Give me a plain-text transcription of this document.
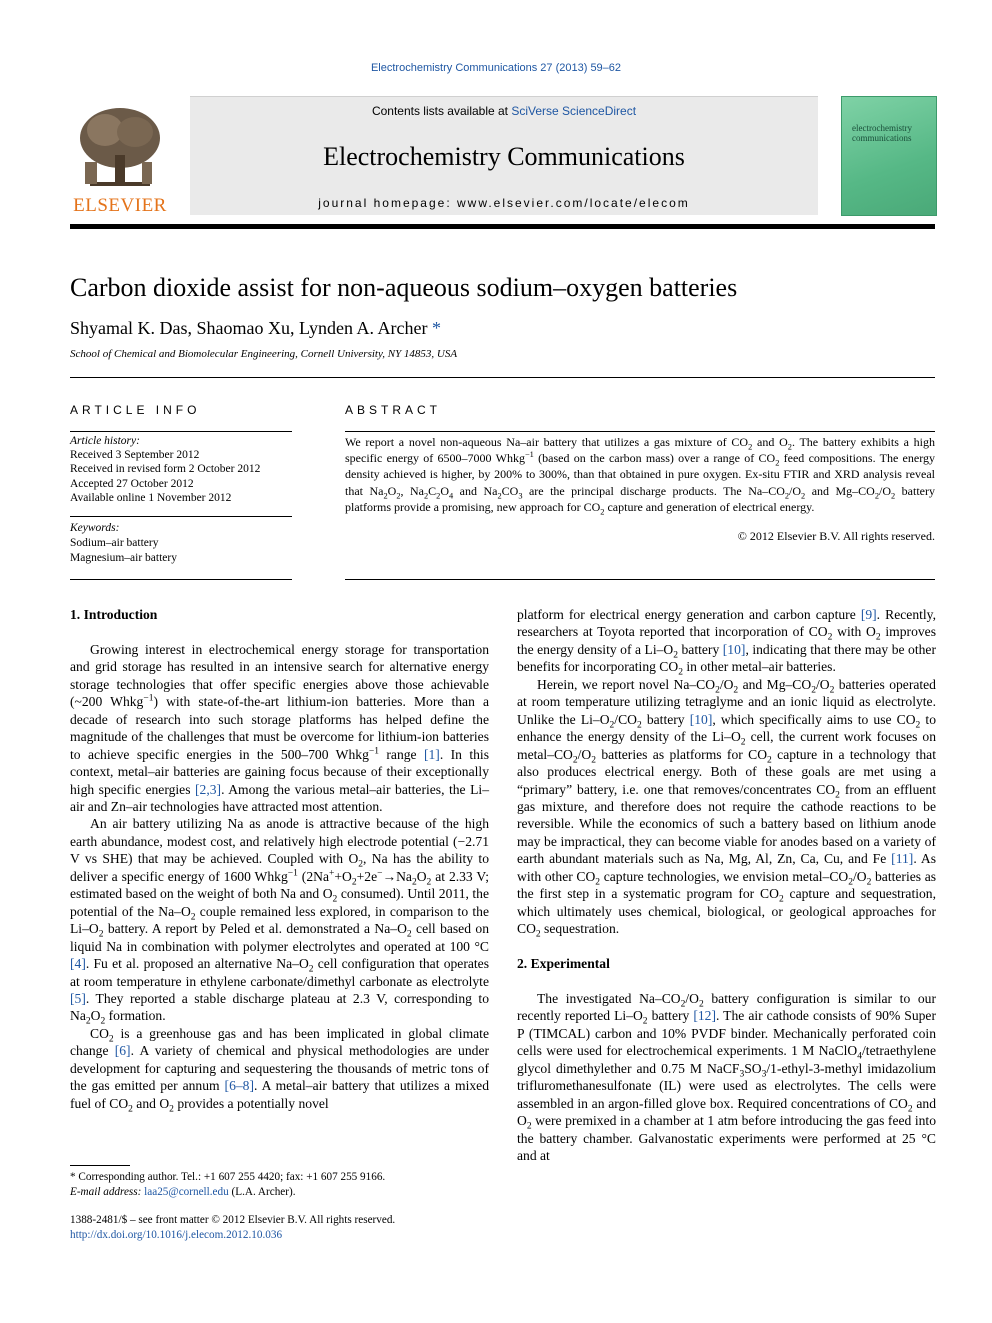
Electrochemistry Communications 27 (2013) 59–62
ELSEVIER
Contents lists available at SciVerse ScienceDirect
Electrochemistry Communications
journal homepage: www.elsevier.com/locate/elecom
electrochemistry
communications
Carbon dioxide assist for non-aqueous sodium–oxygen batteries
Shyamal K. Das, Shaomao Xu, Lynden A. Archer *
School of Chemical and Biomolecular Engineering, Cornell University, NY 14853, USA
ARTICLE INFO	ABSTRACT
Article history:
Received 3 September 2012
Received in revised form 2 October 2012
Accepted 27 October 2012
Available online 1 November 2012
Keywords:
Sodium–air battery
Magnesium–air battery

We report a novel non-aqueous Na–air battery that utilizes a gas mixture of $CO_2$ and $O_2$. The battery exhibits a high specific energy of 6500–7000 Whkg$^{-1}$ (based on the carbon mass) over a range of $CO_2$ feed compositions. The energy density achieved is higher, by 200% to 300%, than that obtained in pure oxygen. Ex-situ FTIR and XRD analysis reveal that $Na_2O_2$, $Na_2C_2O_4$ and $Na_2CO_3$ are the principal discharge products. The $Na-CO_2/O_2$ and $Mg-CO_2/O_2$ battery platforms provide a promising, new approach for $CO_2$ capture and generation of electrical energy.

© 2012 Elsevier B.V. All rights reserved.
1. Introduction

Growing interest in electrochemical energy storage for transportation and grid storage has resulted in an intensive search for alternative energy storage technologies that offer specific energies above those achievable (~200 Whkg$^{-1}$) with state-of-the-art lithium-ion batteries. More than a decade of research into such storage platforms has helped define the magnitude of the challenges that must be overcome for lithium-ion batteries to achieve specific energies in the 500–700 Whkg$^{-1}$ range [1]. In this context, metal–air batteries are gaining focus because of their exceptionally high specific energies [2,3]. Among the various metal–air batteries, the Li–air and Zn–air technologies have attracted most attention.

An air battery utilizing Na as anode is attractive because of the high earth abundance, modest cost, and relatively high electrode potential (−2.71 V vs SHE) that may be achieved. Coupled with $O_2$, Na has the ability to deliver a specific energy of 1600 Whkg$^{-1}$ ($2Na^++O_2+2e^-\to Na_2O_2$ at 2.33 V; estimated based on the weight of both Na and $O_2$ consumed). Until 2011, the potential of the $Na-O_2$ couple remained less explored, in comparison to the $Li-O_2$ battery. A report by Peled et al. demonstrated a $Na-O_2$ cell based on liquid Na in combination with polymer electrolytes and operated at 100 °C [4]. Fu et al. proposed an alternative $Na-O_2$ cell configuration that operates at room temperature in ethylene carbonate/dimethyl carbonate as electrolyte [5]. They reported a stable discharge plateau at 2.3 V, corresponding to $Na_2O_2$ formation.

$CO_2$ is a greenhouse gas and has been implicated in global climate change [6]. A variety of chemical and physical methodologies are under development for capturing and sequestering the thousands of metric tons of the gas emitted per annum [6–8]. A metal–air battery that utilizes a mixed fuel of $CO_2$ and $O_2$ provides a potentially novel

platform for electrical energy generation and carbon capture [9]. Recently, researchers at Toyota reported that incorporation of $CO_2$ with $O_2$ improves the energy density of a $Li-O_2$ battery [10], indicating that there may be other benefits for incorporating $CO_2$ in other metal–air batteries.

Herein, we report novel $Na-CO_2/O_2$ and $Mg-CO_2/O_2$ batteries operated at room temperature utilizing tetraglyme and an ionic liquid as electrolyte. Unlike the $Li-O_2/CO_2$ battery [10], which specifically aims to use $CO_2$ to enhance the energy density of the $Li-O_2$ cell, the current work focuses on metal–$CO_2/O_2$ batteries as platforms for $CO_2$ capture in a technology that also produces electrical energy. Both of these goals are met using a “primary” battery, i.e. one that removes/concentrates $CO_2$ from an effluent gas mixture, and therefore does not require the cathode reactions to be reversible. While the economics of such a battery based on lithium anode may be impractical, they can become viable for anodes based on a variety of earth abundant materials such as Na, Mg, Al, Zn, Ca, Cu, and Fe [11]. As with other $CO_2$ capture technologies, we envision metal–$CO_2/O_2$ batteries as the first step in a systematic program for $CO_2$ capture and sequestration, which ultimately uses chemical, biological, or geological approaches for $CO_2$ sequestration.

2. Experimental

The investigated $Na-CO_2/O_2$ battery configuration is similar to our recently reported $Li-O_2$ battery [12]. The air cathode consists of 90% Super P (TIMCAL) carbon and 10% PVDF binder. Mechanically perforated coin cells were used for electrochemical experiments. 1 M NaClO$_4$/tetraethylene glycol dimethylether and 0.75 M $NaCF_3SO_3/1-ethyl-3$-methyl imidazolium trifluromethanesulfonate (IL) were used as electrolytes. The cells were assembled in an argon-filled glove box. Required concentrations of $CO_2$ and $O_2$ were premixed in a chamber at 1 atm before introducing the gas feed into the battery chamber. Galvanostatic experiments were performed at 25 °C and at

* Corresponding author. Tel.: +1 607 255 4420; fax: +1 607 255 9166.
E-mail address: laa25@cornell.edu (L.A. Archer).
1388-2481/$ – see front matter © 2012 Elsevier B.V. All rights reserved.
http://dx.doi.org/10.1016/j.elecom.2012.10.036
